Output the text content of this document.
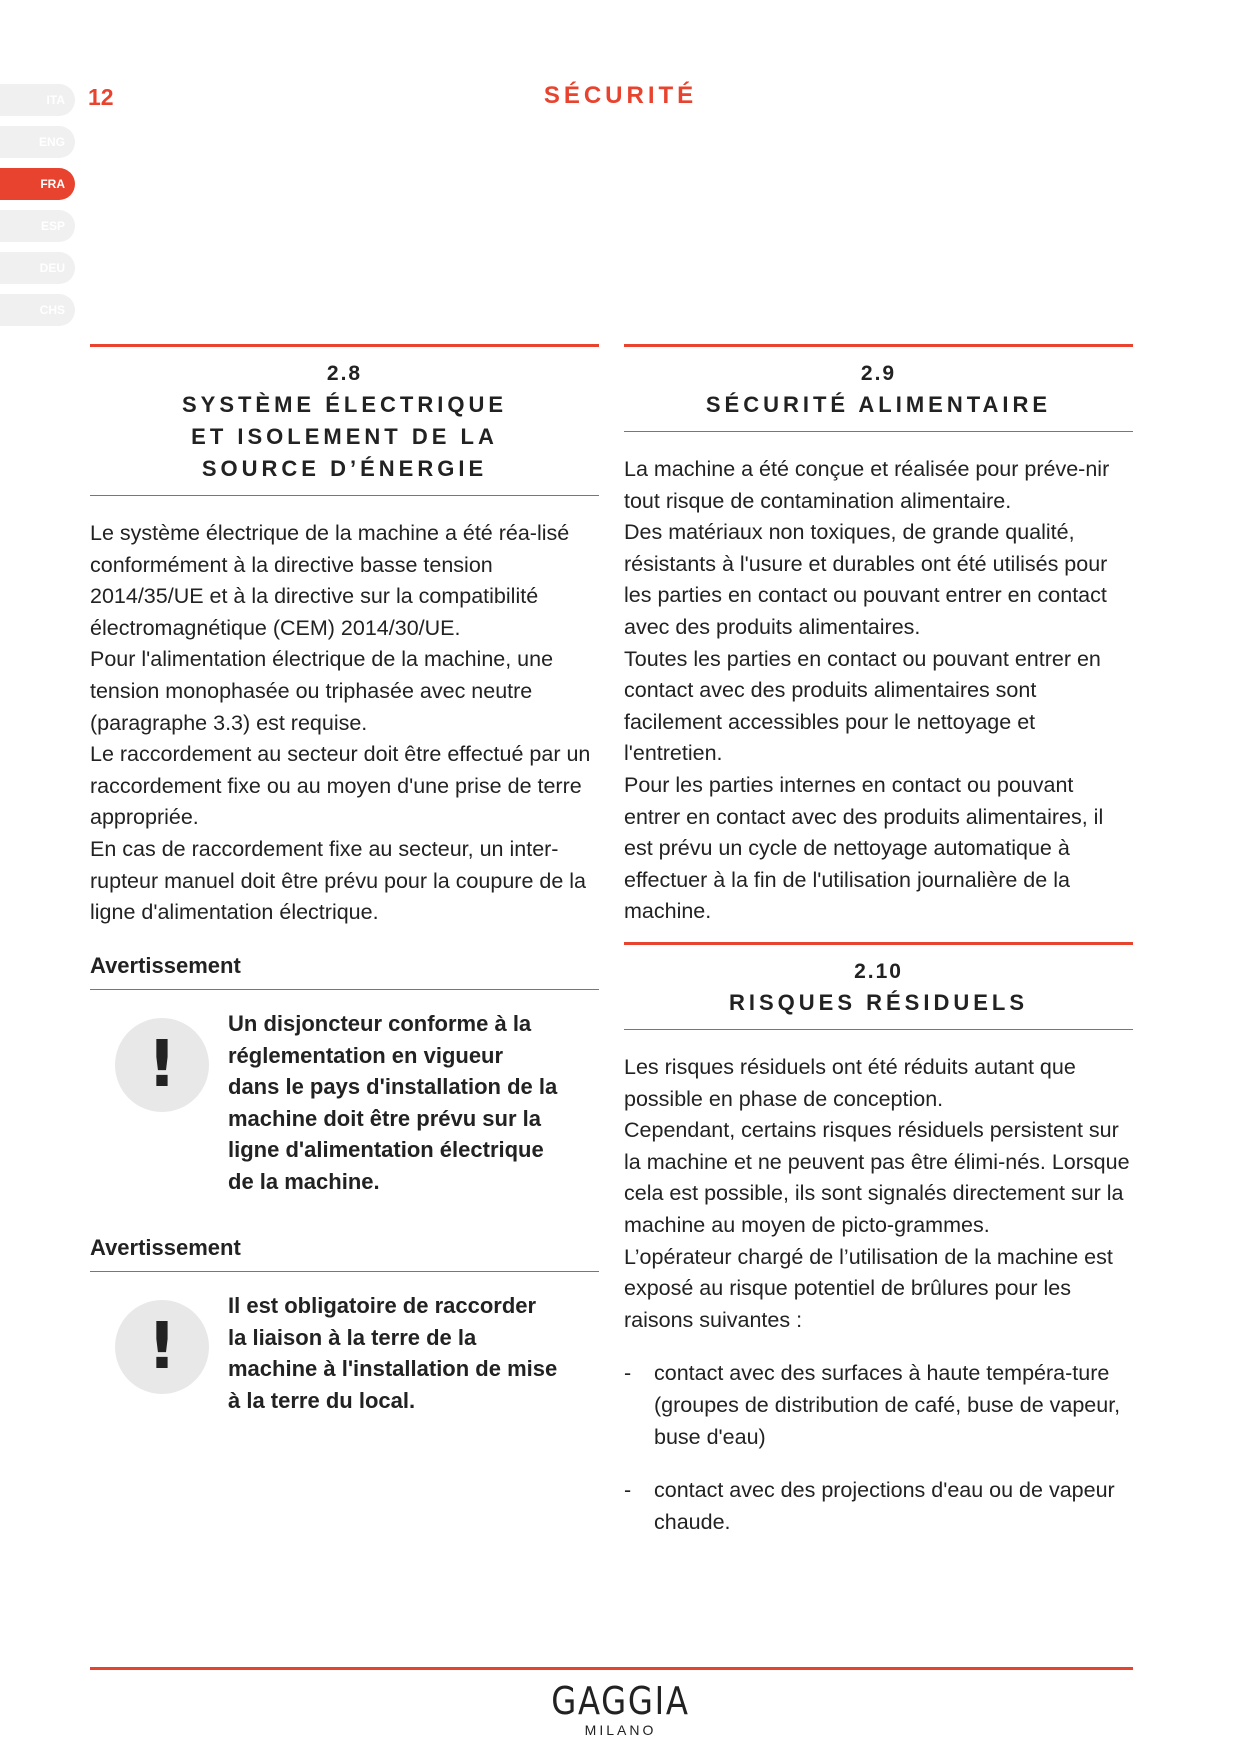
ITA
ENG
FRA
ESP
DEU
CHS
12	SÉCURITÉ
2.8
SYSTÈME ÉLECTRIQUE
ET ISOLEMENT DE LA
SOURCE D’ÉNERGIE

Le système électrique de la machine a été réa-lisé conformément à la directive basse tension 2014/35/UE et à la directive sur la compatibilité électromagnétique (CEM) 2014/30/UE.

Pour l'alimentation électrique de la machine, une tension monophasée ou triphasée avec neutre (paragraphe 3.3) est requise.

Le raccordement au secteur doit être effectué par un raccordement fixe ou au moyen d'une prise de terre appropriée.

En cas de raccordement fixe au secteur, un inter-rupteur manuel doit être prévu pour la coupure de la ligne d'alimentation électrique.

Avertissement
!
Un disjoncteur conforme à la réglementation en vigueur dans le pays d'installation de la machine doit être prévu sur la ligne d'alimentation électrique de la machine.
Avertissement
!
Il est obligatoire de raccorder la liaison à la terre de la machine à l'installation de mise à la terre du local.
2.9
SÉCURITÉ ALIMENTAIRE

La machine a été conçue et réalisée pour préve-nir tout risque de contamination alimentaire.

Des matériaux non toxiques, de grande qualité, résistants à l'usure et durables ont été utilisés pour les parties en contact ou pouvant entrer en contact avec des produits alimentaires.

Toutes les parties en contact ou pouvant entrer en contact avec des produits alimentaires sont facilement accessibles pour le nettoyage et l'entretien.

Pour les parties internes en contact ou pouvant entrer en contact avec des produits alimentaires, il est prévu un cycle de nettoyage automatique à effectuer à la fin de l'utilisation journalière de la machine.

2.10
RISQUES RÉSIDUELS

Les risques résiduels ont été réduits autant que possible en phase de conception.

Cependant, certains risques résiduels persistent sur la machine et ne peuvent pas être élimi-nés. Lorsque cela est possible, ils sont signalés directement sur la machine au moyen de picto-grammes.

L’opérateur chargé de l’utilisation de la machine est exposé au risque potentiel de brûlures pour les raisons suivantes :

- contact avec des surfaces à haute tempéra-ture (groupes de distribution de café, buse de vapeur, buse d'eau)
- contact avec des projections d'eau ou de vapeur chaude.
GAGGIA
MILANO
